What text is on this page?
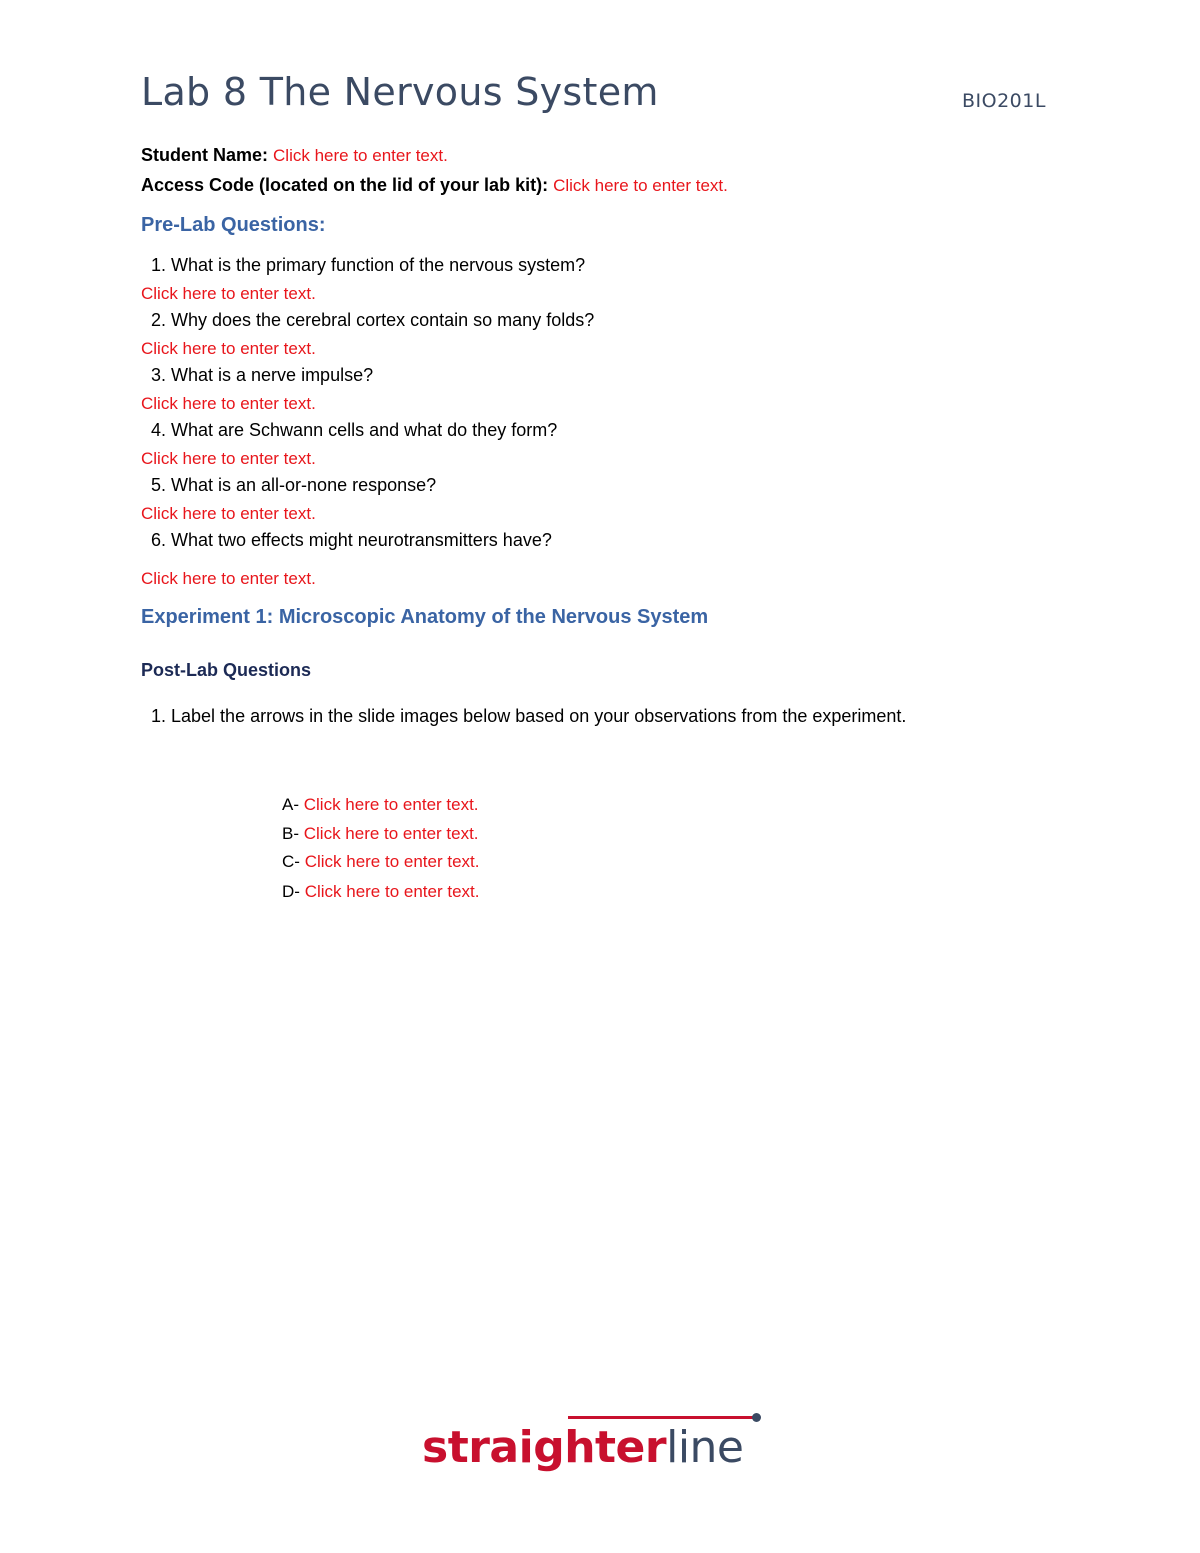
Lab 8 The Nervous System	BIO201L
Student Name: Click here to enter text.
Access Code (located on the lid of your lab kit): Click here to enter text.
Pre-Lab Questions:
1. What is the primary function of the nervous system?
Click here to enter text.
2. Why does the cerebral cortex contain so many folds?
Click here to enter text.
3. What is a nerve impulse?
Click here to enter text.
4. What are Schwann cells and what do they form?
Click here to enter text.
5. What is an all-or-none response?
Click here to enter text.
6. What two effects might neurotransmitters have?
Click here to enter text.
Experiment 1: Microscopic Anatomy of the Nervous System
Post-Lab Questions
1. Label the arrows in the slide images below based on your observations from the experiment.
A- Click here to enter text.
B- Click here to enter text.
C- Click here to enter text.
D- Click here to enter text.
straighterline
